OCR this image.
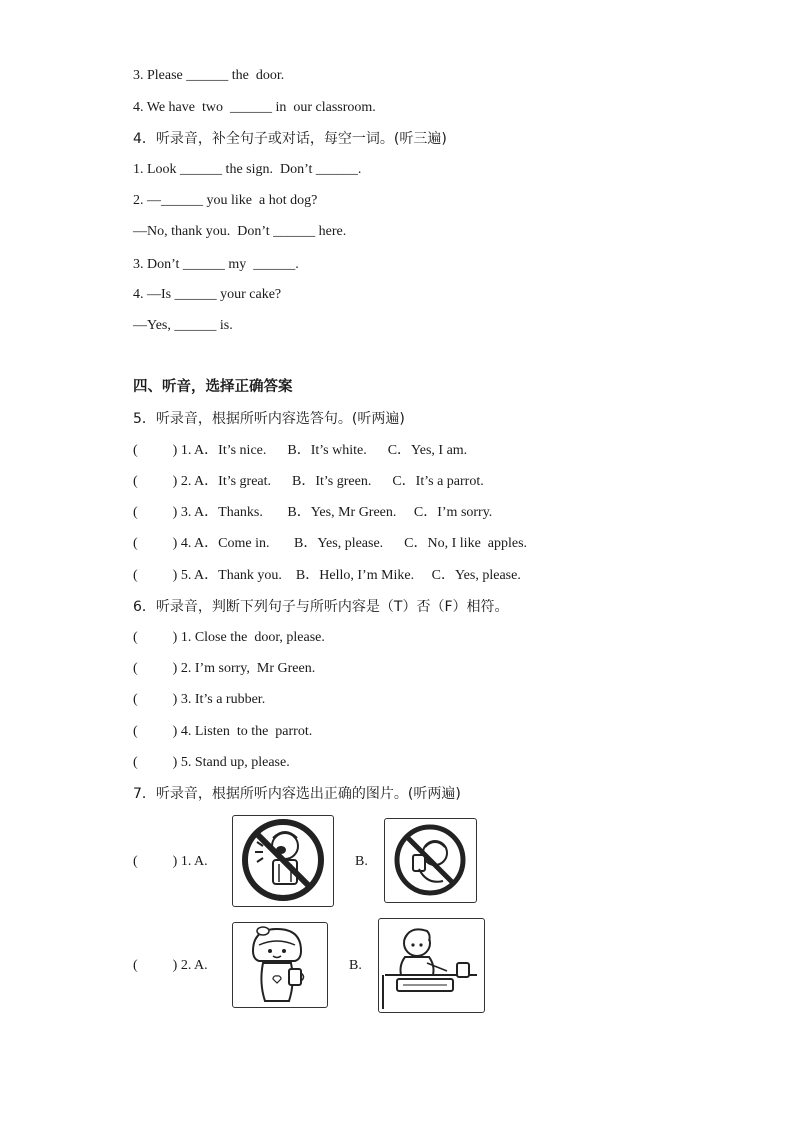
3. Please ______ the  door.
4. We have  two  ______ in  our classroom.
4．听录音，补全句子或对话，每空一词。(听三遍)
1. Look ______ the sign.  Don’t ______.
2. —______ you like  a hot dog?
—No, thank you.  Don’t ______ here.
3. Don’t ______ my  ______.
4. —Is ______ your cake?
—Yes, ______ is.
四、听音，选择正确答案
5．听录音，根据所听内容选答句。(听两遍)
(          ) 1. A．It’s nice.      B．It’s white.      C．Yes, I am.
(          ) 2. A．It’s great.      B．It’s green.      C．It’s a parrot.
(          ) 3. A．Thanks.       B．Yes, Mr Green.     C．I’m sorry.
(          ) 4. A．Come in.       B．Yes, please.      C．No, I like  apples.
(          ) 5. A．Thank you.    B．Hello, I’m Mike.     C．Yes, please.
6．听录音，判断下列句子与所听内容是（T）否（F）相符。
(          ) 1. Close the  door, please.
(          ) 2. I’m sorry,  Mr Green.
(          ) 3. It’s a rubber.
(          ) 4. Listen  to the  parrot.
(          ) 5. Stand up, please.
7．听录音，根据所听内容选出正确的图片。(听两遍)
(          ) 1. A.	B.
(          ) 2. A.	B.
